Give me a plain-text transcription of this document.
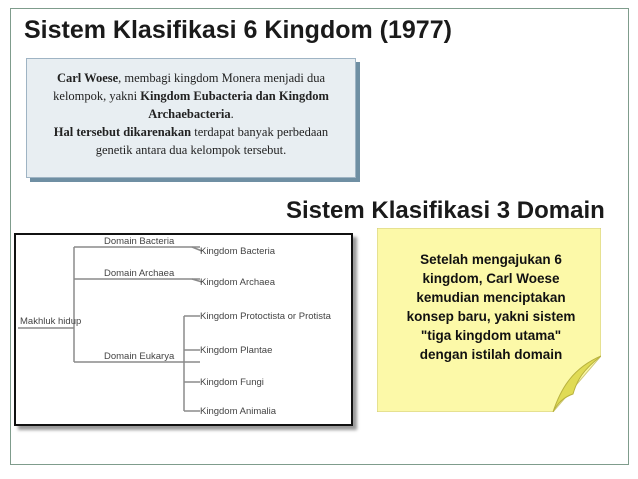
Sistem Klasifikasi 6 Kingdom (1977)
Carl Woese, membagi kingdom Monera menjadi dua kelompok, yakni Kingdom Eubacteria dan Kingdom Archaebacteria.
Hal tersebut dikarenakan terdapat banyak perbedaan genetik antara dua kelompok tersebut.
Sistem Klasifikasi 3 Domain
Makhluk hidup
Domain Bacteria
Domain Archaea
Domain Eukarya
Kingdom Bacteria
Kingdom Archaea
Kingdom Protoctista or Protista
Kingdom Plantae
Kingdom Fungi
Kingdom Animalia
Setelah mengajukan 6
kingdom, Carl Woese
kemudian menciptakan
konsep baru, yakni sistem
"tiga kingdom utama"
dengan istilah domain
